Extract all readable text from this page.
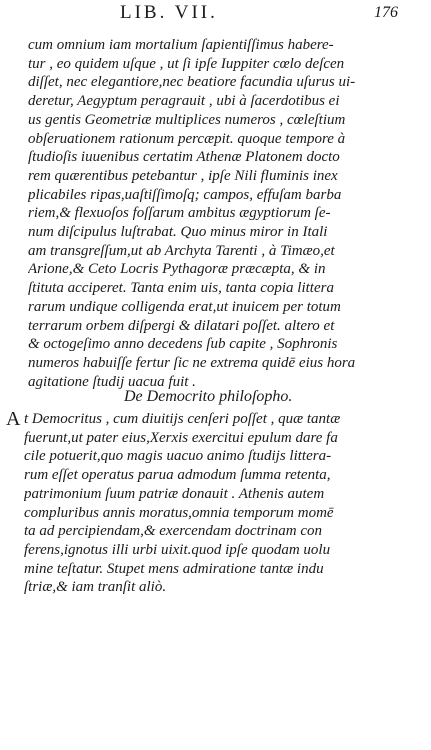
LIB. VII.	176
cum omnium iam mortalium ſapientiſſimus habere-
tur , eo quidem uſque , ut ſi ipſe Iuppiter cœlo deſcen
diſſet, nec elegantiore,nec beatiore facundia uſurus ui-
deretur, Aegyptum peragrauit , ubi à ſacerdotibus ei
us gentis Geometriæ multiplices numeros , cœleſtium
obſeruationem rationum percæpit. quoque tempore à
ſtudioſis iuuenibus certatim Athenæ Platonem docto
rem quærentibus petebantur , ipſe Nili fluminis inex
plicabiles ripas,uaſtiſſimoſq; campos, effuſam barba
riem,& flexuoſos foſſarum ambitus ægyptiorum ſe-
num diſcipulus luſtrabat. Quo minus miror in Itali
am transgreſſum,ut ab Archyta Tarenti , à Timæo,et
Arione,& Ceto Locris Pythagoræ præcæpta, & in
ſtituta acciperet. Tanta enim uis, tanta copia littera
rarum undique colligenda erat,ut inuicem per totum
terrarum orbem diſpergi & dilatari poſſet. altero et
& octogeſimo anno decedens ſub capite , Sophronis
numeros habuiſſe fertur ſic ne extrema quidē eius hora
agitatione ſtudij uacua fuit .
De Democrito philoſopho.
A t Democritus , cum diuitijs cenſeri poſſet , quæ tantæ
fuerunt,ut pater eius,Xerxis exercitui epulum dare fa
cile potuerit,quo magis uacuo animo ſtudijs littera-
rum eſſet operatus parua admodum ſumma retenta,
patrimonium ſuum patriæ donauit . Athenis autem
compluribus annis moratus,omnia temporum momē
ta ad percipiendam,& exercendam doctrinam con
ferens,ignotus illi urbi uixit.quod ipſe quodam uolu
mine teſtatur. Stupet mens admiratione tantæ indu
ſtriæ,& iam tranſit aliò.
